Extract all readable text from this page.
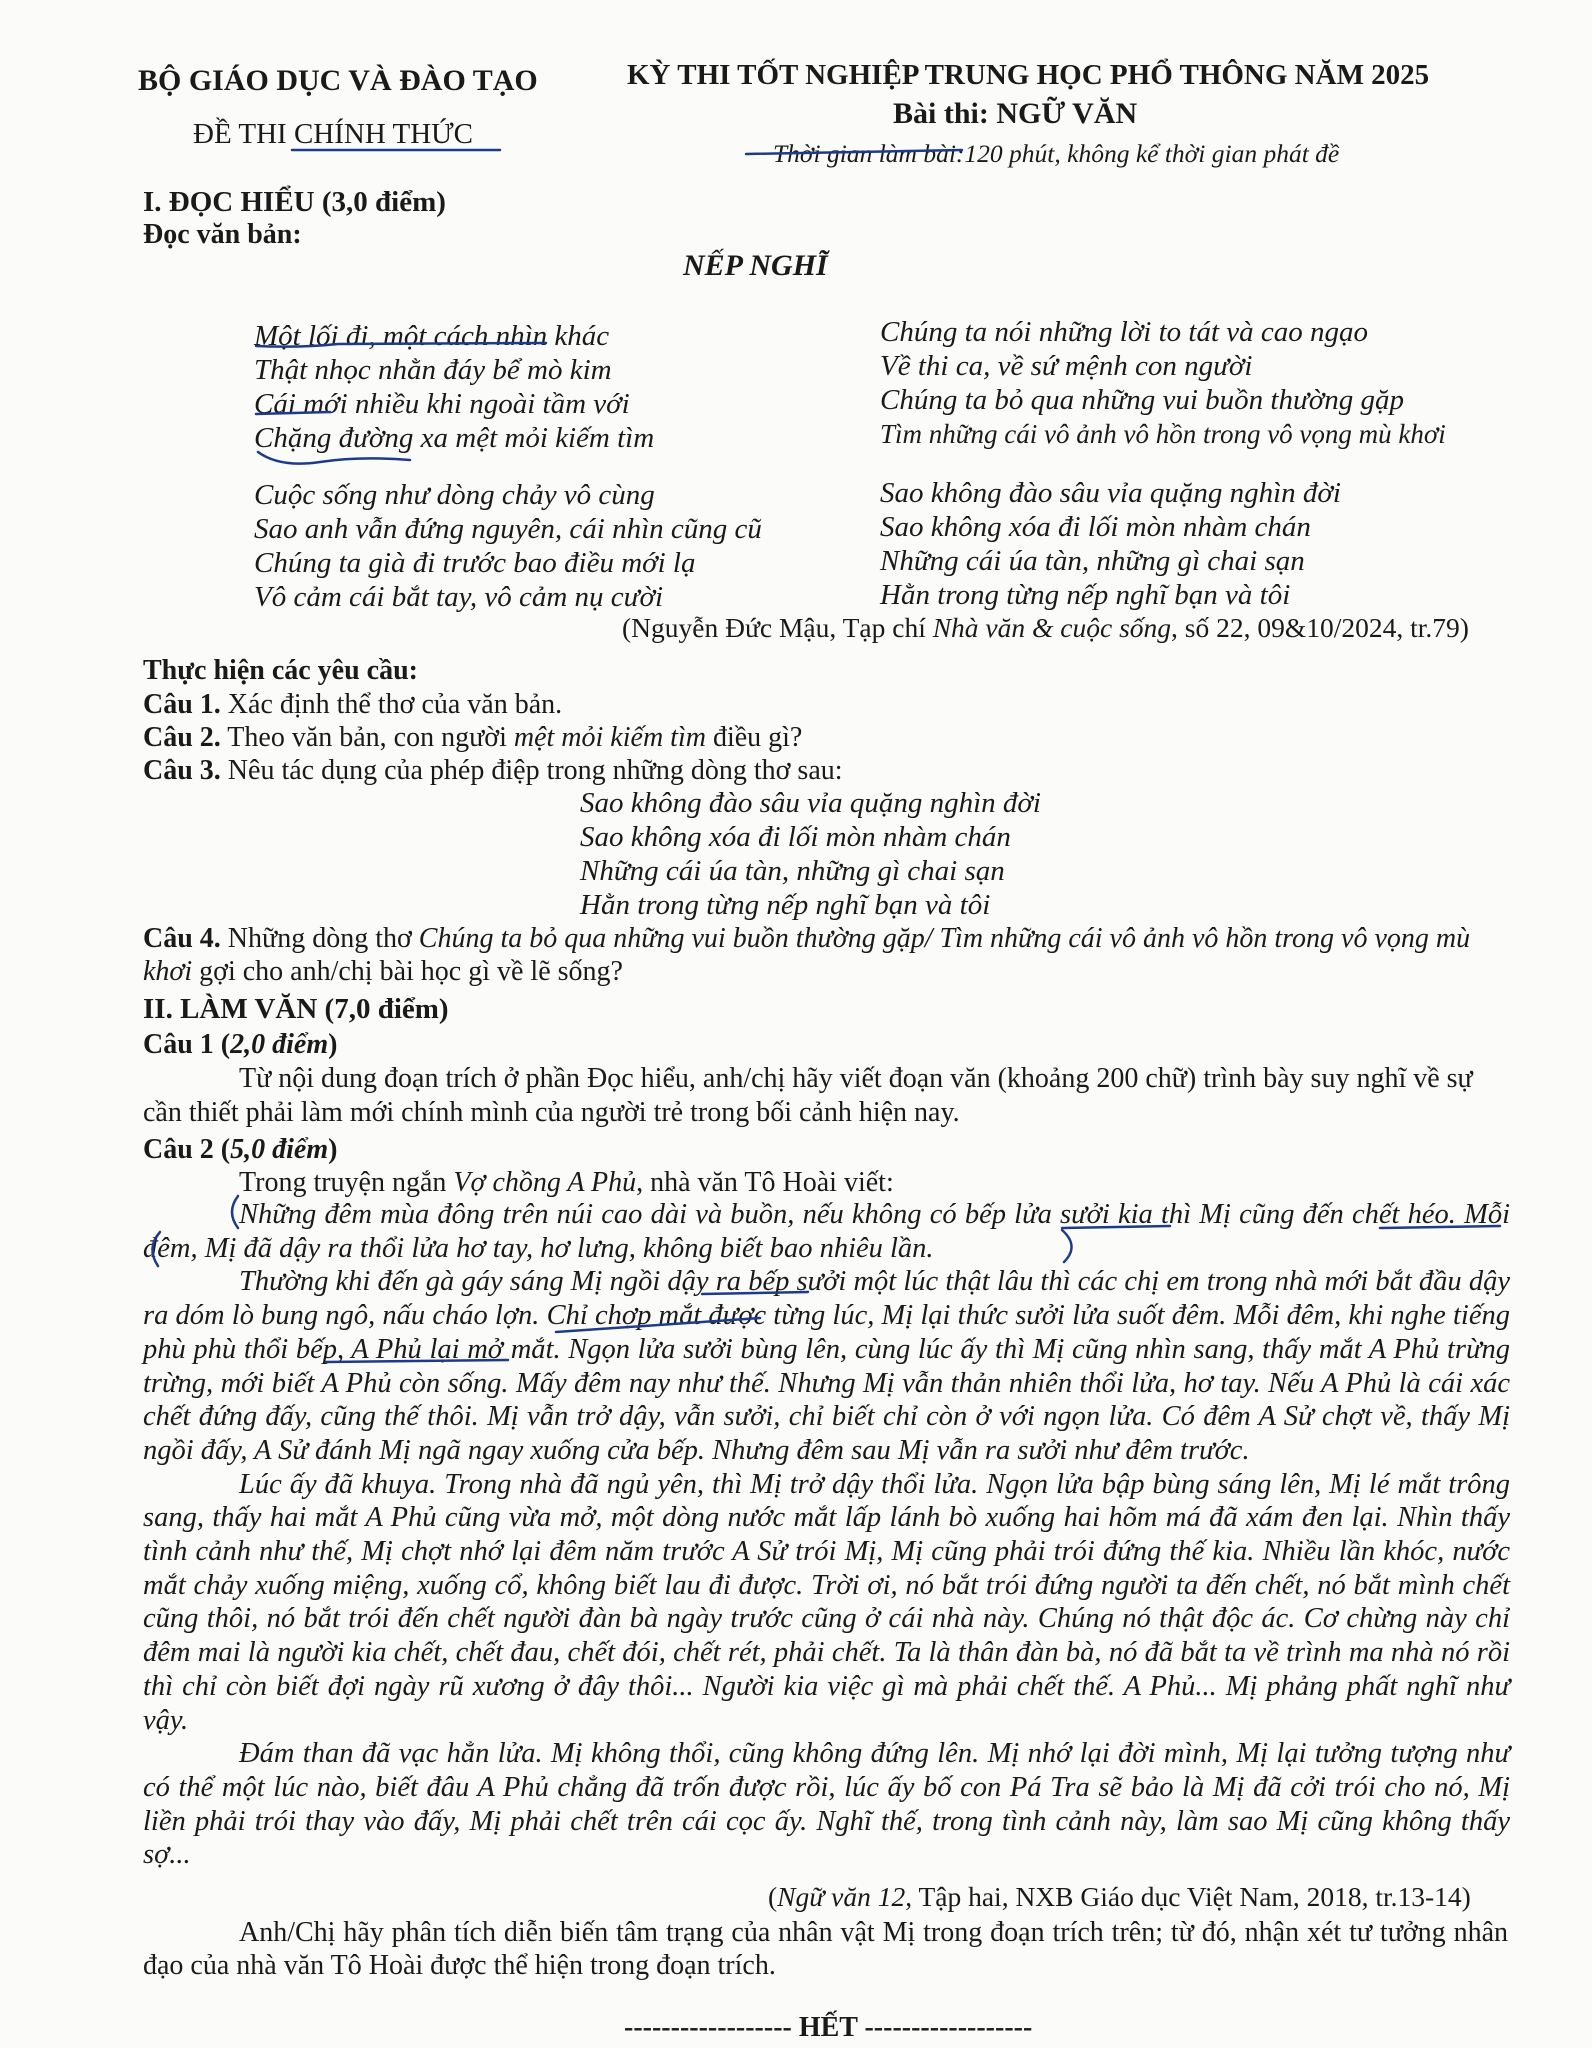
BỘ GIÁO DỤC VÀ ĐÀO TẠO
ĐỀ THI CHÍNH THỨC
KỲ THI TỐT NGHIỆP TRUNG HỌC PHỔ THÔNG NĂM 2025
Bài thi: NGỮ VĂN
Thời gian làm bài:120 phút, không kể thời gian phát đề
I. ĐỌC HIỂU (3,0 điểm)
Đọc văn bản:
NẾP NGHĨ
Một lối đi, một cách nhìn khác
Thật nhọc nhằn đáy bể mò kim
Cái mới nhiều khi ngoài tầm với
Chặng đường xa mệt mỏi kiếm tìm
Cuộc sống như dòng chảy vô cùng
Sao anh vẫn đứng nguyên, cái nhìn cũng cũ
Chúng ta già đi trước bao điều mới lạ
Vô cảm cái bắt tay, vô cảm nụ cười
Chúng ta nói những lời to tát và cao ngạo
Về thi ca, về sứ mệnh con người
Chúng ta bỏ qua những vui buồn thường gặp
Tìm những cái vô ảnh vô hồn trong vô vọng mù khơi
Sao không đào sâu vỉa quặng nghìn đời
Sao không xóa đi lối mòn nhàm chán
Những cái úa tàn, những gì chai sạn
Hằn trong từng nếp nghĩ bạn và tôi
(Nguyễn Đức Mậu, Tạp chí Nhà văn & cuộc sống, số 22, 09&10/2024, tr.79)
Thực hiện các yêu cầu:
Câu 1. Xác định thể thơ của văn bản.
Câu 2. Theo văn bản, con người mệt mỏi kiếm tìm điều gì?
Câu 3. Nêu tác dụng của phép điệp trong những dòng thơ sau:
Sao không đào sâu vỉa quặng nghìn đời
Sao không xóa đi lối mòn nhàm chán
Những cái úa tàn, những gì chai sạn
Hằn trong từng nếp nghĩ bạn và tôi
Câu 4. Những dòng thơ Chúng ta bỏ qua những vui buồn thường gặp/ Tìm những cái vô ảnh vô hồn trong vô vọng mù khơi gợi cho anh/chị bài học gì về lẽ sống?
II. LÀM VĂN (7,0 điểm)
Câu 1 (2,0 điểm)
Từ nội dung đoạn trích ở phần Đọc hiểu, anh/chị hãy viết đoạn văn (khoảng 200 chữ) trình bày suy nghĩ về sự cần thiết phải làm mới chính mình của người trẻ trong bối cảnh hiện nay.
Câu 2 (5,0 điểm)
Trong truyện ngắn Vợ chồng A Phủ, nhà văn Tô Hoài viết:
Những đêm mùa đông trên núi cao dài và buồn, nếu không có bếp lửa sưởi kia thì Mị cũng đến chết héo. Mỗi đêm, Mị đã dậy ra thổi lửa hơ tay, hơ lưng, không biết bao nhiêu lần.
Thường khi đến gà gáy sáng Mị ngồi dậy ra bếp sưởi một lúc thật lâu thì các chị em trong nhà mới bắt đầu dậy ra dóm lò bung ngô, nấu cháo lợn. Chỉ chợp mắt được từng lúc, Mị lại thức sưởi lửa suốt đêm. Mỗi đêm, khi nghe tiếng phù phù thổi bếp, A Phủ lại mở mắt. Ngọn lửa sưởi bùng lên, cùng lúc ấy thì Mị cũng nhìn sang, thấy mắt A Phủ trừng trừng, mới biết A Phủ còn sống. Mấy đêm nay như thế. Nhưng Mị vẫn thản nhiên thổi lửa, hơ tay. Nếu A Phủ là cái xác chết đứng đấy, cũng thế thôi. Mị vẫn trở dậy, vẫn sưởi, chỉ biết chỉ còn ở với ngọn lửa. Có đêm A Sử chợt về, thấy Mị ngồi đấy, A Sử đánh Mị ngã ngay xuống cửa bếp. Nhưng đêm sau Mị vẫn ra sưởi như đêm trước.
Lúc ấy đã khuya. Trong nhà đã ngủ yên, thì Mị trở dậy thổi lửa. Ngọn lửa bập bùng sáng lên, Mị lé mắt trông sang, thấy hai mắt A Phủ cũng vừa mở, một dòng nước mắt lấp lánh bò xuống hai hõm má đã xám đen lại. Nhìn thấy tình cảnh như thế, Mị chợt nhớ lại đêm năm trước A Sử trói Mị, Mị cũng phải trói đứng thế kia. Nhiều lần khóc, nước mắt chảy xuống miệng, xuống cổ, không biết lau đi được. Trời ơi, nó bắt trói đứng người ta đến chết, nó bắt mình chết cũng thôi, nó bắt trói đến chết người đàn bà ngày trước cũng ở cái nhà này. Chúng nó thật độc ác. Cơ chừng này chỉ đêm mai là người kia chết, chết đau, chết đói, chết rét, phải chết. Ta là thân đàn bà, nó đã bắt ta về trình ma nhà nó rồi thì chỉ còn biết đợi ngày rũ xương ở đây thôi... Người kia việc gì mà phải chết thế. A Phủ... Mị phảng phất nghĩ như vậy.
Đám than đã vạc hẳn lửa. Mị không thổi, cũng không đứng lên. Mị nhớ lại đời mình, Mị lại tưởng tượng như có thể một lúc nào, biết đâu A Phủ chẳng đã trốn được rồi, lúc ấy bố con Pá Tra sẽ bảo là Mị đã cởi trói cho nó, Mị liền phải trói thay vào đấy, Mị phải chết trên cái cọc ấy. Nghĩ thế, trong tình cảnh này, làm sao Mị cũng không thấy sợ...
(Ngữ văn 12, Tập hai, NXB Giáo dục Việt Nam, 2018, tr.13-14)
Anh/Chị hãy phân tích diễn biến tâm trạng của nhân vật Mị trong đoạn trích trên; từ đó, nhận xét tư tưởng nhân đạo của nhà văn Tô Hoài được thể hiện trong đoạn trích.
------------------ HẾT ------------------
